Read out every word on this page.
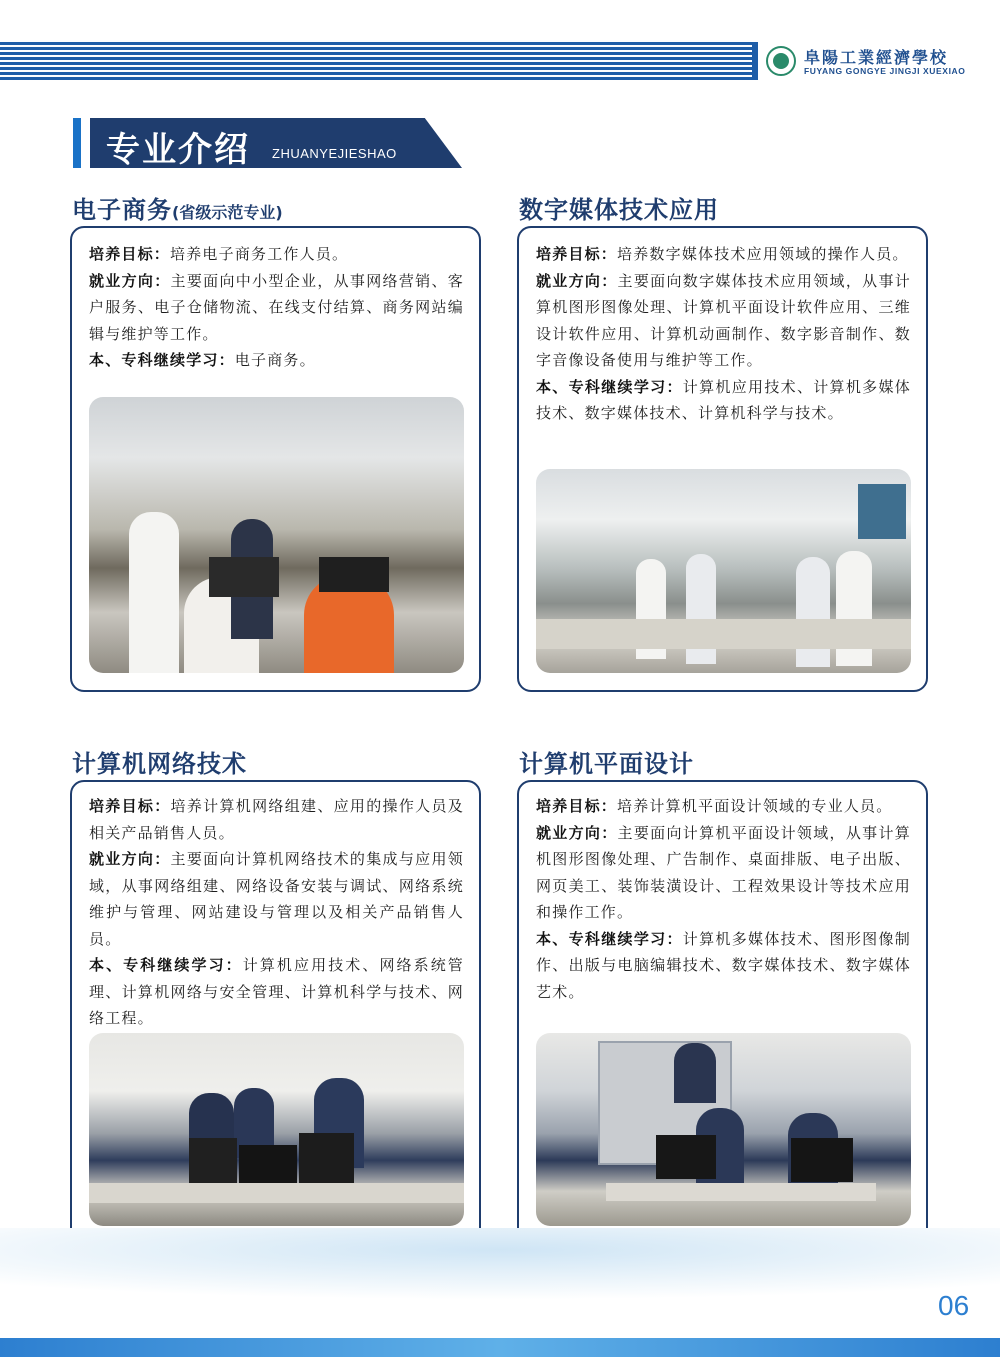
阜陽工業經濟學校
FUYANG GONGYE JINGJI XUEXIAO
专业介绍 ZHUANYEJIESHAO
电子商务(省级示范专业)

培养目标：培养电子商务工作人员。

就业方向：主要面向中小型企业，从事网络营销、客户服务、电子仓储物流、在线支付结算、商务网站编辑与维护等工作。

本、专科继续学习：电子商务。

数字媒体技术应用

培养目标：培养数字媒体技术应用领域的操作人员。

就业方向：主要面向数字媒体技术应用领域，从事计算机图形图像处理、计算机平面设计软件应用、三维设计软件应用、计算机动画制作、数字影音制作、数字音像设备使用与维护等工作。

本、专科继续学习：计算机应用技术、计算机多媒体技术、数字媒体技术、计算机科学与技术。

计算机网络技术

培养目标：培养计算机网络组建、应用的操作人员及相关产品销售人员。

就业方向：主要面向计算机网络技术的集成与应用领域，从事网络组建、网络设备安装与调试、网络系统维护与管理、网站建设与管理以及相关产品销售人员。

本、专科继续学习：计算机应用技术、网络系统管理、计算机网络与安全管理、计算机科学与技术、网络工程。

计算机平面设计

培养目标：培养计算机平面设计领域的专业人员。

就业方向：主要面向计算机平面设计领域，从事计算机图形图像处理、广告制作、桌面排版、电子出版、网页美工、装饰装潢设计、工程效果设计等技术应用和操作工作。

本、专科继续学习：计算机多媒体技术、图形图像制作、出版与电脑编辑技术、数字媒体技术、数字媒体艺术。

06
